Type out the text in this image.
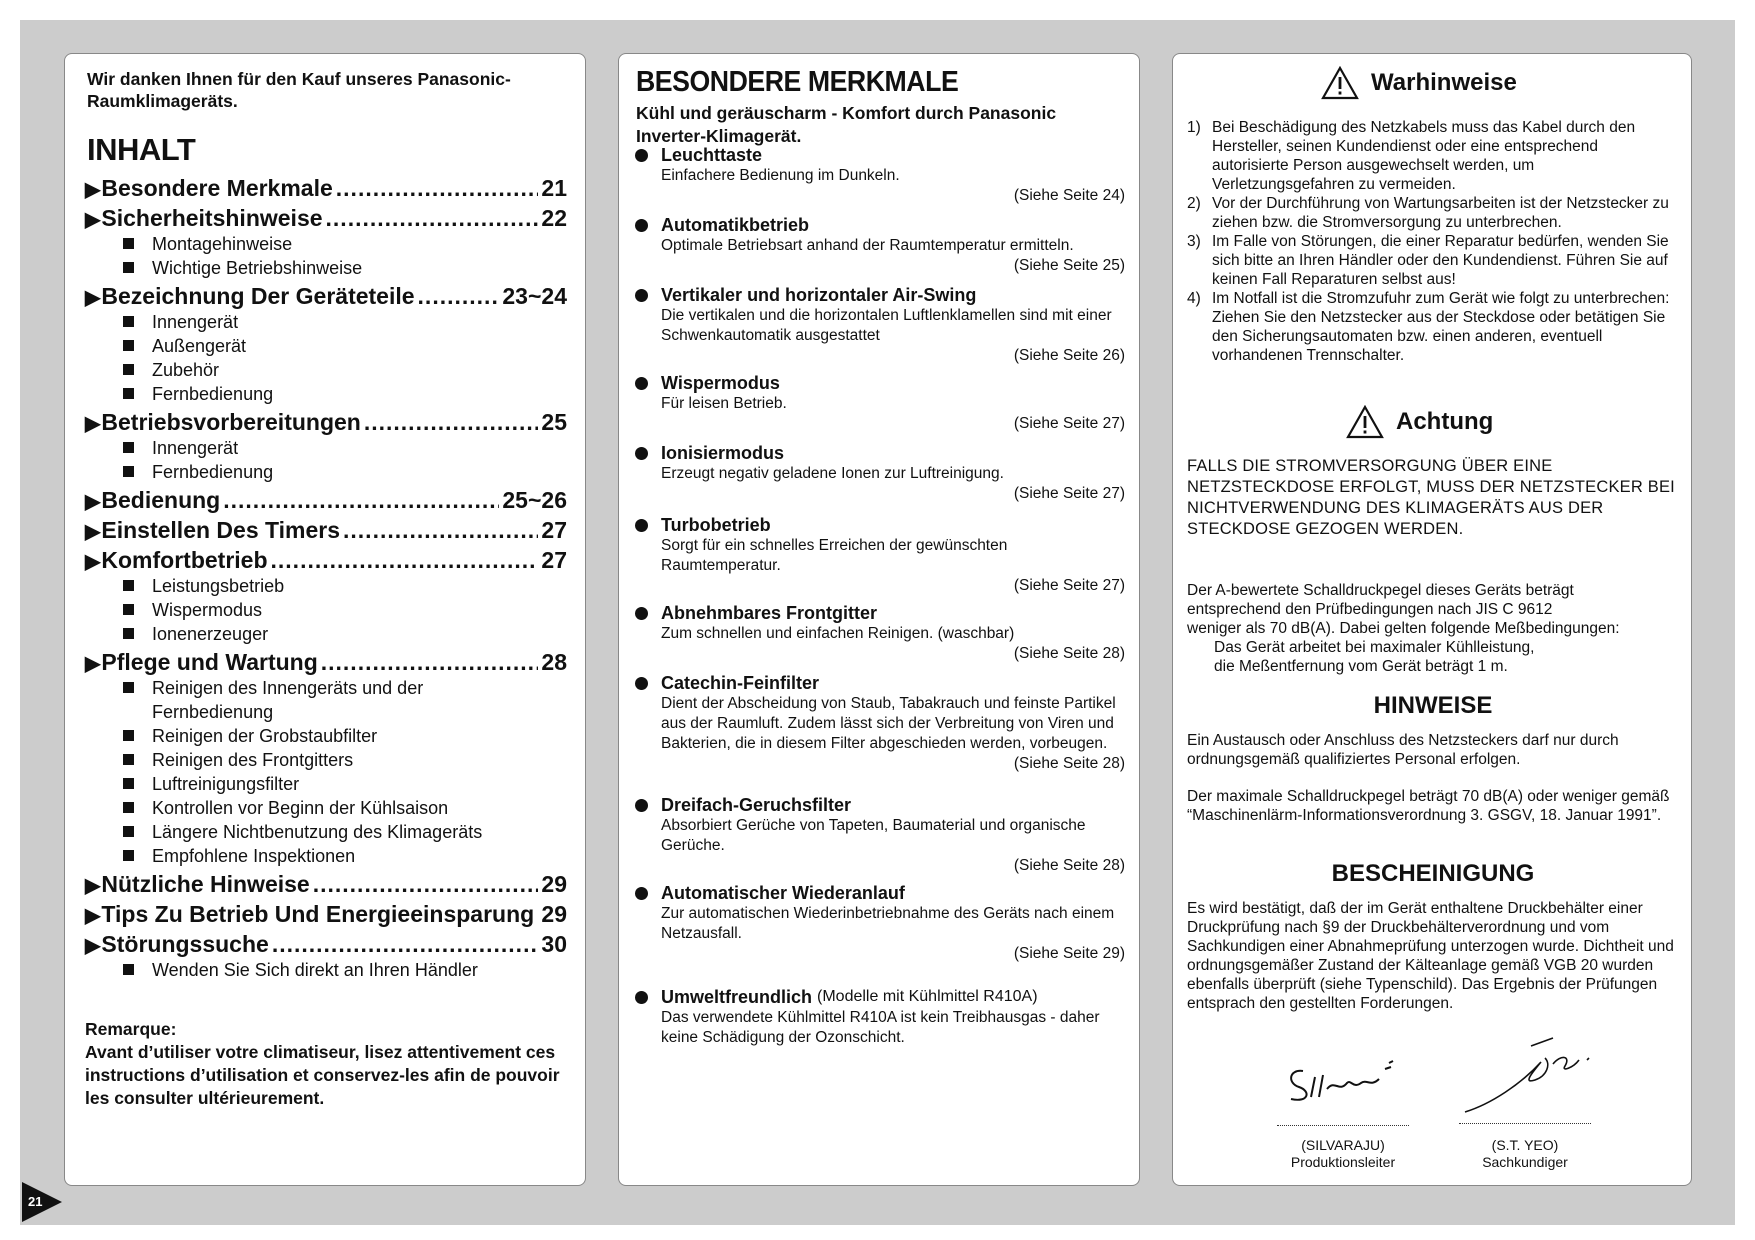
Wir danken Ihnen für den Kauf unseres Panasonic-Raumklimageräts.
INHALT
▶ Besondere Merkmale .....	21
▶ Sicherheitshinweise .....	22
Montagehinweise
Wichtige Betriebshinweise
▶ Bezeichnung Der Geräteteile .....	23~24
Innengerät
Außengerät
Zubehör
Fernbedienung
▶ Betriebsvorbereitungen .....	25
Innengerät
Fernbedienung
▶ Bedienung .....	25~26
▶ Einstellen Des Timers .....	27
▶ Komfortbetrieb .....	27
Leistungsbetrieb
Wispermodus
Ionenerzeuger
▶ Pflege und Wartung .....	28
Reinigen des Innengeräts und der Fernbedienung
Reinigen der Grobstaubfilter
Reinigen des Frontgitters
Luftreinigungsfilter
Kontrollen vor Beginn der Kühlsaison
Längere Nichtbenutzung des Klimageräts
Empfohlene Inspektionen
▶ Nützliche Hinweise .....	29
▶ Tips Zu Betrieb Und Energieeinsparung ..... 29
▶ Störungssuche .....	30
Wenden Sie Sich direkt an Ihren Händler
Remarque:
Avant d’utiliser votre climatiseur, lisez attentivement ces instructions d’utilisation et conservez-les afin de pouvoir les consulter ultérieurement.
BESONDERE MERKMALE
Kühl und geräuscharm - Komfort durch Panasonic Inverter-Klimagerät.
Leuchttaste
Einfachere Bedienung im Dunkeln.
(Siehe Seite 24)
Automatikbetrieb
Optimale Betriebsart anhand der Raumtemperatur ermitteln.
(Siehe Seite 25)
Vertikaler und horizontaler Air-Swing
Die vertikalen und die horizontalen Luftlenklamellen sind mit einer Schwenkautomatik ausgestattet
(Siehe Seite 26)
Wispermodus
Für leisen Betrieb.
(Siehe Seite 27)
Ionisiermodus
Erzeugt negativ geladene Ionen zur Luftreinigung.
(Siehe Seite 27)
Turbobetrieb
Sorgt für ein schnelles Erreichen der gewünschten Raumtemperatur.
(Siehe Seite 27)
Abnehmbares Frontgitter
Zum schnellen und einfachen Reinigen. (waschbar)
(Siehe Seite 28)
Catechin-Feinfilter
Dient der Abscheidung von Staub, Tabakrauch und feinste Partikel aus der Raumluft. Zudem lässt sich der Verbreitung von Viren und Bakterien, die in diesem Filter abgeschieden werden, vorbeugen.
(Siehe Seite 28)
Dreifach-Geruchsfilter
Absorbiert Gerüche von Tapeten, Baumaterial und organische Gerüche.
(Siehe Seite 28)
Automatischer Wiederanlauf
Zur automatischen Wiederinbetriebnahme des Geräts nach einem Netzausfall.
(Siehe Seite 29)
Umweltfreundlich (Modelle mit Kühlmittel R410A)
Das verwendete Kühlmittel R410A ist kein Treibhausgas - daher keine Schädigung der Ozonschicht.
Warhinweise
1) Bei Beschädigung des Netzkabels muss das Kabel durch den Hersteller, seinen Kundendienst oder eine entsprechend autorisierte Person ausgewechselt werden, um Verletzungsgefahren zu vermeiden.
2) Vor der Durchführung von Wartungsarbeiten ist der Netzstecker zu ziehen bzw. die Stromversorgung zu unterbrechen.
3) Im Falle von Störungen, die einer Reparatur bedürfen, wenden Sie sich bitte an Ihren Händler oder den Kundendienst. Führen Sie auf keinen Fall Reparaturen selbst aus!
4) Im Notfall ist die Stromzufuhr zum Gerät wie folgt zu unterbrechen: Ziehen Sie den Netzstecker aus der Steckdose oder betätigen Sie den Sicherungsautomaten bzw. einen anderen, eventuell vorhandenen Trennschalter.
Achtung
FALLS DIE STROMVERSORGUNG ÜBER EINE NETZSTECKDOSE ERFOLGT, MUSS DER NETZSTECKER BEI NICHTVERWENDUNG DES KLIMAGERÄTS AUS DER STECKDOSE GEZOGEN WERDEN.
Der A-bewertete Schalldruckpegel dieses Geräts beträgt
entsprechend den Prüfbedingungen nach JIS C 9612
weniger als 70 dB(A). Dabei gelten folgende Meßbedingungen:
Das Gerät arbeitet bei maximaler Kühlleistung,
die Meßentfernung vom Gerät beträgt 1 m.
HINWEISE
Ein Austausch oder Anschluss des Netzsteckers darf nur durch ordnungsgemäß qualifiziertes Personal erfolgen.
Der maximale Schalldruckpegel beträgt 70 dB(A) oder weniger gemäß “Maschinenlärm-Informationsverordnung 3. GSGV, 18. Januar 1991”.
BESCHEINIGUNG
Es wird bestätigt, daß der im Gerät enthaltene Druckbehälter einer Druckprüfung nach §9 der Druckbehälterverordnung und vom Sachkundigen einer Abnahmeprüfung unterzogen wurde. Dichtheit und ordnungsgemäßer Zustand der Kälteanlage gemäß VGB 20 wurden ebenfalls überprüft (siehe Typenschild). Das Ergebnis der Prüfungen entsprach den gestellten Forderungen.
(SILVARAJU)
Produktionsleiter
(S.T. YEO)
Sachkundiger
21
